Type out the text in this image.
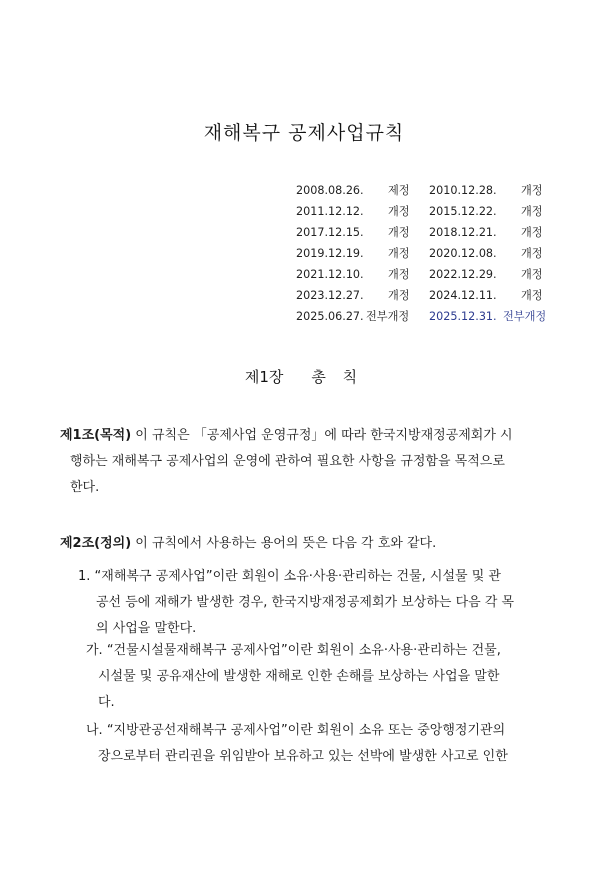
재해복구 공제사업규칙
2008.08.26. 제정 2010.12.28. 개정
2011.12.12. 개정 2015.12.22. 개정
2017.12.15. 개정 2018.12.21. 개정
2019.12.19. 개정 2020.12.08. 개정
2021.12.10. 개정 2022.12.29. 개정
2023.12.27. 개정 2024.12.11. 개정
2025.06.27. 전부개정 2025.12.31. 전부개정
제1장 총 칙
제1조(목적) 이 규칙은 「공제사업 운영규정」에 따라 한국지방재정공제회가 시
행하는 재해복구 공제사업의 운영에 관하여 필요한 사항을 규정함을 목적으로
한다.
제2조(정의) 이 규칙에서 사용하는 용어의 뜻은 다음 각 호와 같다.
1. “재해복구 공제사업”이란 회원이 소유·사용·관리하는 건물, 시설물 및 관
공선 등에 재해가 발생한 경우, 한국지방재정공제회가 보상하는 다음 각 목
의 사업을 말한다.
가. “건물시설물재해복구 공제사업”이란 회원이 소유·사용·관리하는 건물,
시설물 및 공유재산에 발생한 재해로 인한 손해를 보상하는 사업을 말한
다.
나. “지방관공선재해복구 공제사업”이란 회원이 소유 또는 중앙행정기관의
장으로부터 관리권을 위임받아 보유하고 있는 선박에 발생한 사고로 인한
